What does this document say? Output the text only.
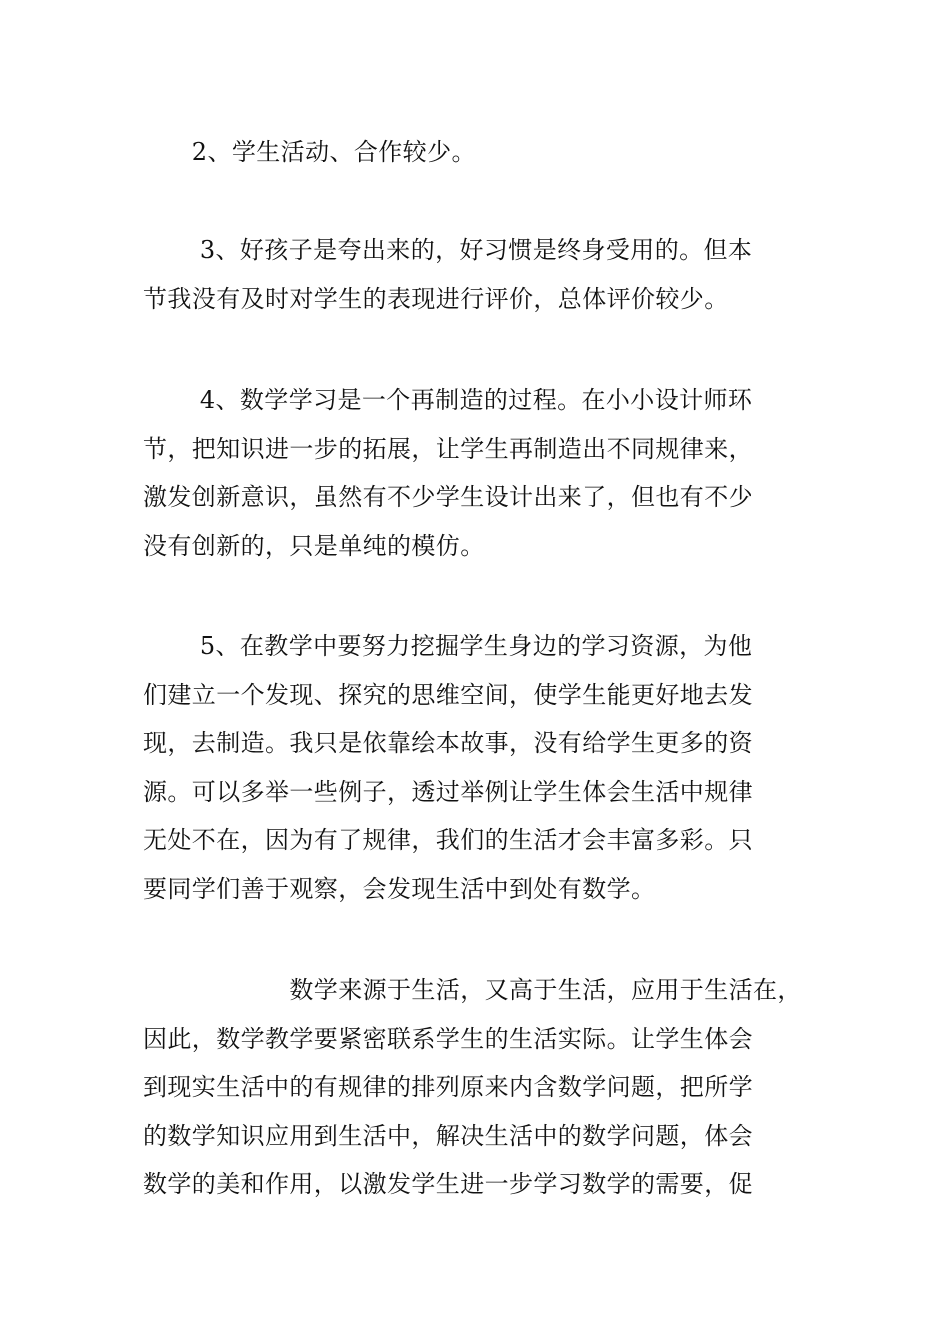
　　2、学生活动、合作较少。
　　 3、好孩子是夸出来的，好习惯是终身受用的。但本
节我没有及时对学生的表现进行评价，总体评价较少。
　　 4、数学学习是一个再制造的过程。在小小设计师环
节，把知识进一步的拓展，让学生再制造出不同规律来，
激发创新意识，虽然有不少学生设计出来了，但也有不少
没有创新的，只是单纯的模仿。
　　 5、在教学中要努力挖掘学生身边的学习资源，为他
们建立一个发现、探究的思维空间，使学生能更好地去发
现，去制造。我只是依靠绘本故事，没有给学生更多的资
源。可以多举一些例子，透过举例让学生体会生活中规律
无处不在，因为有了规律，我们的生活才会丰富多彩。只
要同学们善于观察，会发现生活中到处有数学。
　　　　　　数学来源于生活，又高于生活，应用于生活在，
因此，数学教学要紧密联系学生的生活实际。让学生体会
到现实生活中的有规律的排列原来内含数学问题，把所学
的数学知识应用到生活中，解决生活中的数学问题，体会
数学的美和作用，以激发学生进一步学习数学的需要，促
